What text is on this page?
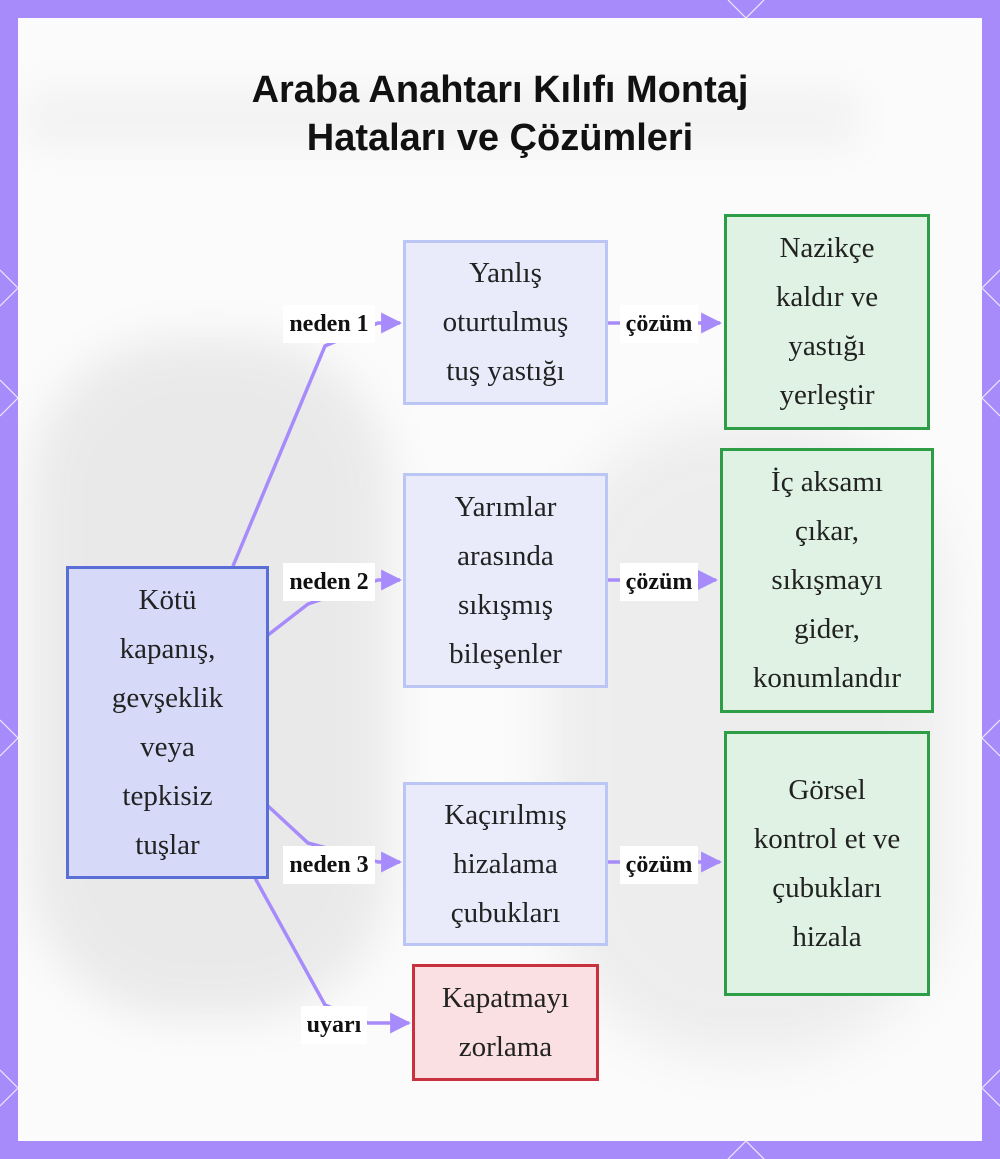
Araba Anahtarı Kılıfı Montaj
Hataları ve Çözümleri
Kötü
kapanış,
gevşeklik
veya
tepkisiz
tuşlar
Yanlış
oturtulmuş
tuş yastığı
Yarımlar
arasında
sıkışmış
bileşenler
Kaçırılmış
hizalama
çubukları
Nazikçe
kaldır ve
yastığı
yerleştir
İç aksamı
çıkar,
sıkışmayı
gider,
konumlandır
Görsel
kontrol et ve
çubukları
hizala
Kapatmayı
zorlama
neden 1
neden 2
neden 3
uyarı
çözüm
çözüm
çözüm
